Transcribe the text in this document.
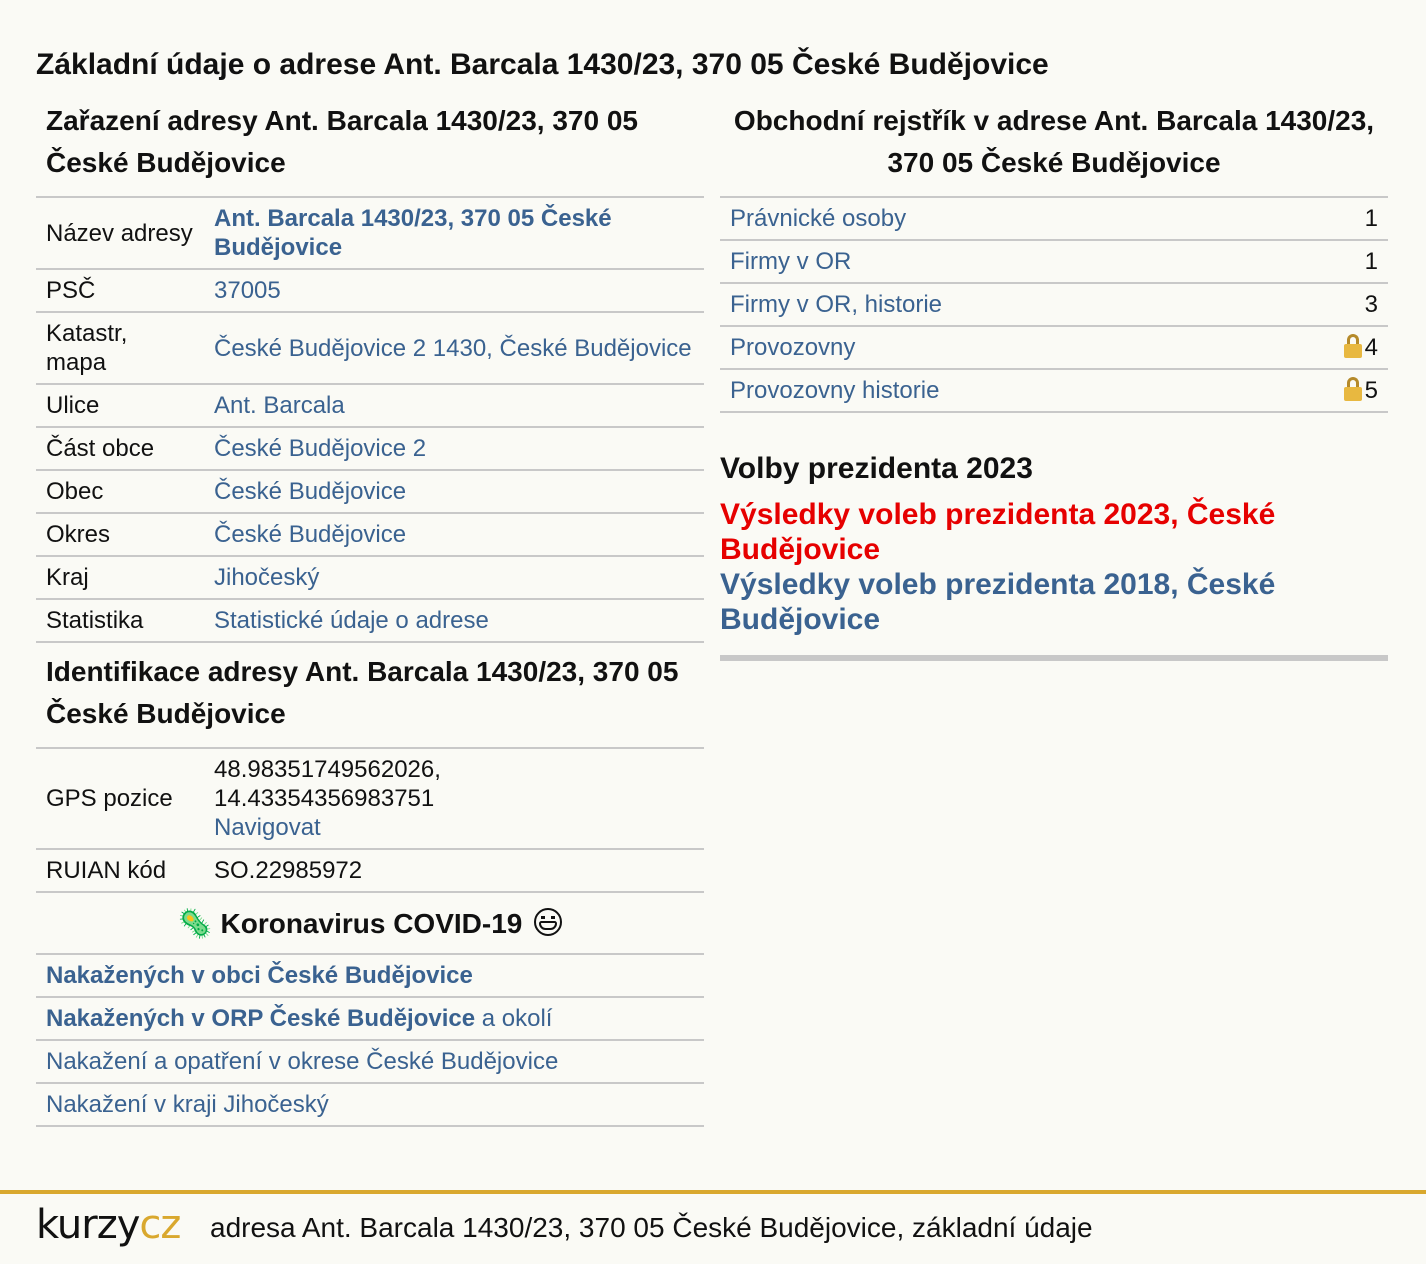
Základní údaje o adrese Ant. Barcala 1430/23, 370 05 České Budějovice
Zařazení adresy Ant. Barcala 1430/23, 370 05 České Budějovice
Název adresy	Ant. Barcala 1430/23, 370 05 České Budějovice
PSČ	37005
Katastr, mapa	České Budějovice 2 1430, České Budějovice
Ulice	Ant. Barcala
Část obce	České Budějovice 2
Obec	České Budějovice
Okres	České Budějovice
Kraj	Jihočeský
Statistika	Statistické údaje o adrese
Identifikace adresy Ant. Barcala 1430/23, 370 05 České Budějovice
GPS pozice	48.98351749562026,
14.43354356983751
Navigovat
RUIAN kód	SO.22985972
🦠 Koronavirus COVID-19
Nakažených v obci České Budějovice
Nakažených v ORP České Budějovice a okolí
Nakažení a opatření v okrese České Budějovice
Nakažení v kraji Jihočeský
Obchodní rejstřík v adrese Ant. Barcala 1430/23, 370 05 České Budějovice
Právnické osoby	1
Firmy v OR	1
Firmy v OR, historie	3
Provozovny	4
Provozovny historie	5
Volby prezidenta 2023
Výsledky voleb prezidenta 2023, České Budějovice
Výsledky voleb prezidenta 2018, České Budějovice
kurzycz adresa Ant. Barcala 1430/23, 370 05 České Budějovice, základní údaje
